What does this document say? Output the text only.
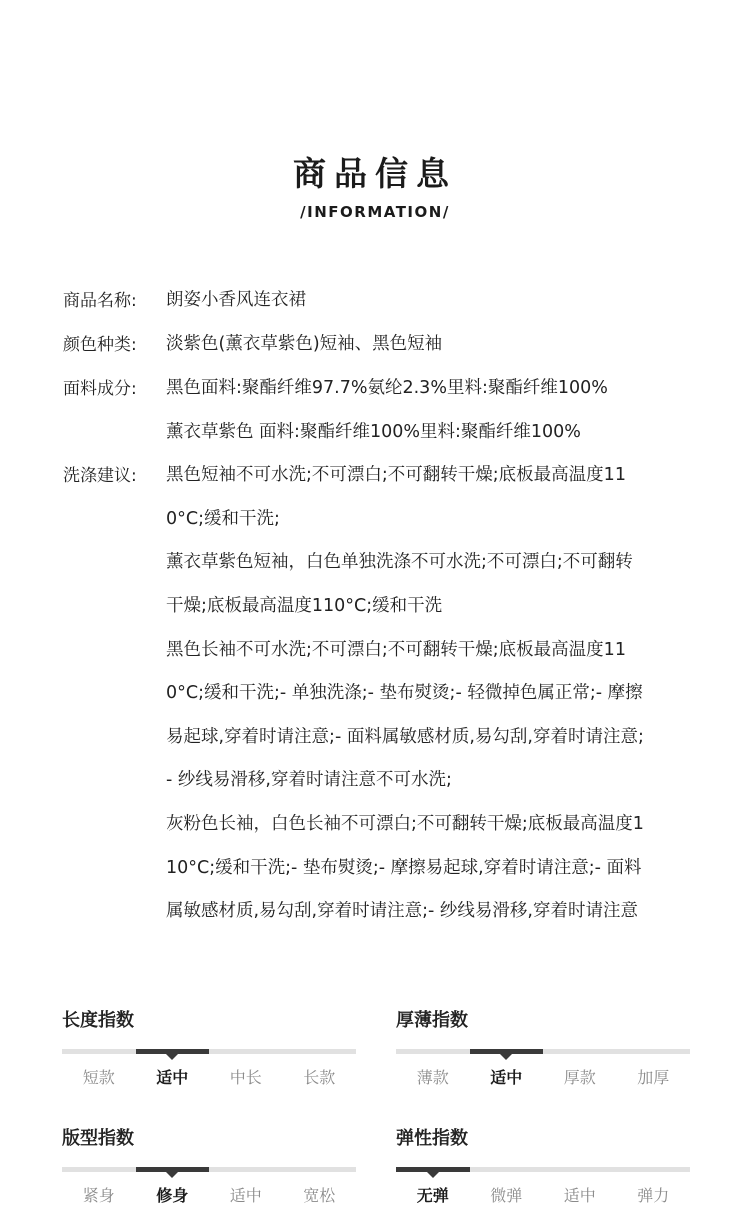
商品信息
/INFORMATION/
商品名称:	朗姿小香风连衣裙
颜色种类:	淡紫色(薰衣草紫色)短袖、黑色短袖
面料成分:	黑色面料:聚酯纤维97.7%氨纶2.3%里料:聚酯纤维100%
薰衣草紫色 面料:聚酯纤维100%里料:聚酯纤维100%
洗涤建议:	黑色短袖不可水洗;不可漂白;不可翻转干燥;底板最高温度11
0°C;缓和干洗;
薰衣草紫色短袖，白色单独洗涤不可水洗;不可漂白;不可翻转
干燥;底板最高温度110°C;缓和干洗
黑色长袖不可水洗;不可漂白;不可翻转干燥;底板最高温度11
0°C;缓和干洗;- 单独洗涤;- 垫布熨烫;- 轻微掉色属正常;- 摩擦
易起球,穿着时请注意;- 面料属敏感材质,易勾刮,穿着时请注意;
- 纱线易滑移,穿着时请注意不可水洗;
灰粉色长袖，白色长袖不可漂白;不可翻转干燥;底板最高温度1
10°C;缓和干洗;- 垫布熨烫;- 摩擦易起球,穿着时请注意;- 面料
属敏感材质,易勾刮,穿着时请注意;- 纱线易滑移,穿着时请注意
长度指数
短款	适中	中长	长款
厚薄指数
薄款	适中	厚款	加厚
版型指数
紧身	修身	适中	宽松
弹性指数
无弹	微弹	适中	弹力
